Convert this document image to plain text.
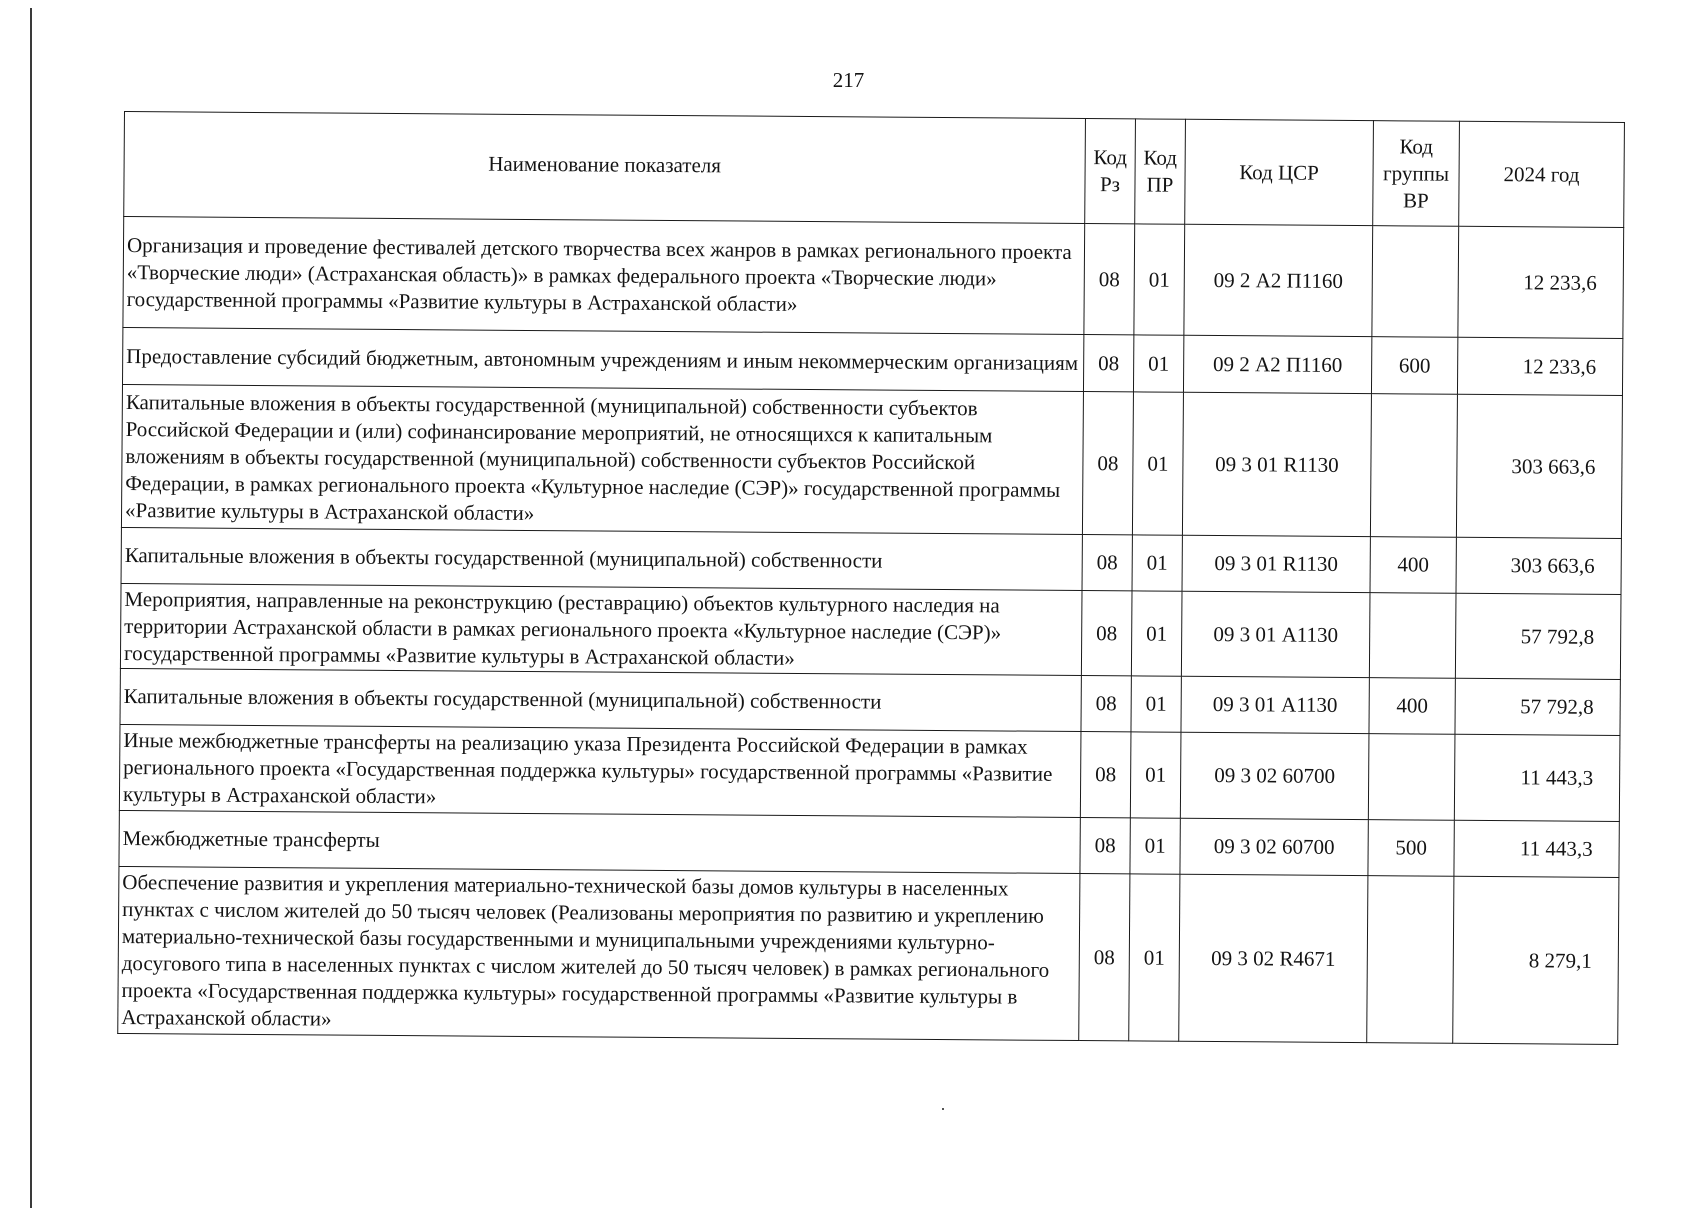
217
Наименование показателя	Код Рз	Код ПР	Код ЦСР	Код группы ВР	2024 год
Организация и проведение фестивалей детского творчества всех жанров в рамках регионального проекта «Творческие люди» (Астраханская область)» в рамках федерального проекта «Творческие люди» государственной программы «Развитие культуры в Астраханской области»	08	01	09 2 А2 П1160		12 233,6
Предоставление субсидий бюджетным, автономным учреждениям и иным некоммерческим организациям	08	01	09 2 А2 П1160	600	12 233,6
Капитальные вложения в объекты государственной (муниципальной) собственности субъектов Российской Федерации и (или) софинансирование мероприятий, не относящихся к капитальным вложениям в объекты государственной (муниципальной) собственности субъектов Российской Федерации, в рамках регионального проекта «Культурное наследие (СЭР)» государственной программы «Развитие культуры в Астраханской области»	08	01	09 3 01 R1130		303 663,6
Капитальные вложения в объекты государственной (муниципальной) собственности	08	01	09 3 01 R1130	400	303 663,6
Мероприятия, направленные на реконструкцию (реставрацию) объектов культурного наследия на территории Астраханской области в рамках регионального проекта «Культурное наследие (СЭР)» государственной программы «Развитие культуры в Астраханской области»	08	01	09 3 01 А1130		57 792,8
Капитальные вложения в объекты государственной (муниципальной) собственности	08	01	09 3 01 А1130	400	57 792,8
Иные межбюджетные трансферты на реализацию указа Президента Российской Федерации в рамках регионального проекта «Государственная поддержка культуры» государственной программы «Развитие культуры в Астраханской области»	08	01	09 3 02 60700		11 443,3
Межбюджетные трансферты	08	01	09 3 02 60700	500	11 443,3
Обеспечение развития и укрепления материально-технической базы домов культуры в населенных пунктах с числом жителей до 50 тысяч человек (Реализованы мероприятия по развитию и укреплению материально-технической базы государственными и муниципальными учреждениями культурно-досугового типа в населенных пунктах с числом жителей до 50 тысяч человек) в рамках регионального проекта «Государственная поддержка культуры» государственной программы «Развитие культуры в Астраханской области»	08	01	09 3 02 R4671		8 279,1
